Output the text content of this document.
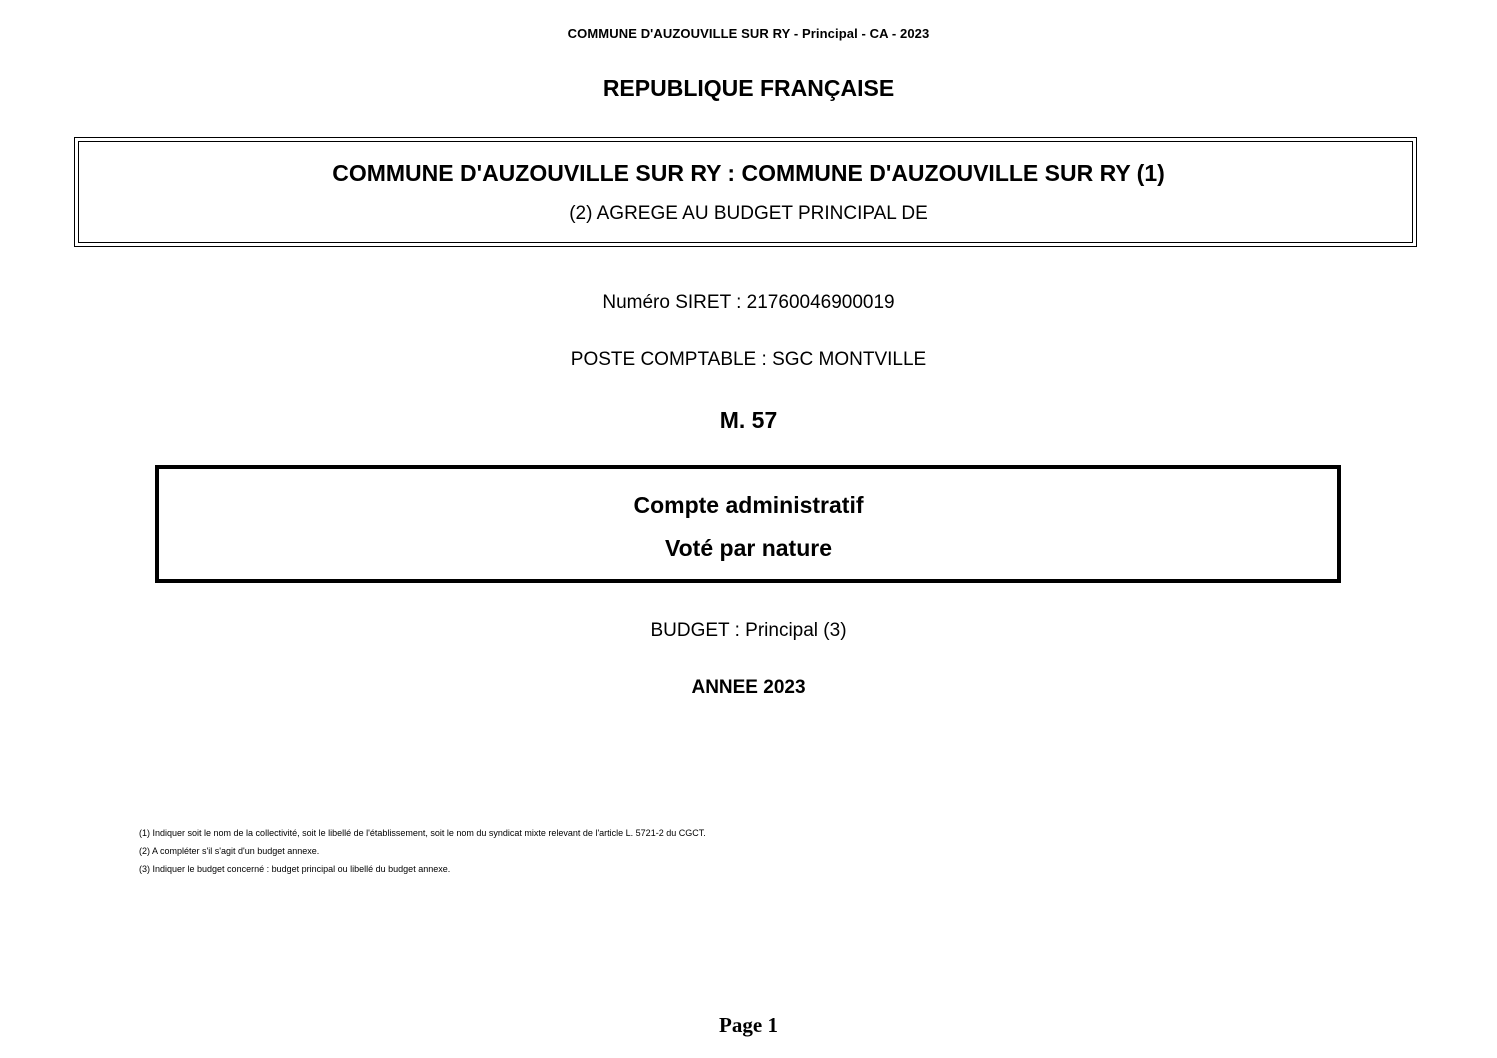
COMMUNE D'AUZOUVILLE SUR RY - Principal - CA - 2023
REPUBLIQUE FRANÇAISE
COMMUNE D'AUZOUVILLE SUR RY : COMMUNE D'AUZOUVILLE SUR RY (1)
(2) AGREGE AU BUDGET PRINCIPAL DE
Numéro SIRET : 21760046900019
POSTE COMPTABLE : SGC MONTVILLE
M. 57
Compte administratif
Voté par nature
BUDGET : Principal (3)
ANNEE 2023
(1) Indiquer soit le nom de la collectivité, soit le libellé de l'établissement, soit le nom du syndicat mixte relevant de l'article L. 5721-2 du CGCT.
(2) A compléter s'il s'agit d'un budget annexe.
(3) Indiquer le budget concerné : budget principal ou libellé du budget annexe.
Page 1
